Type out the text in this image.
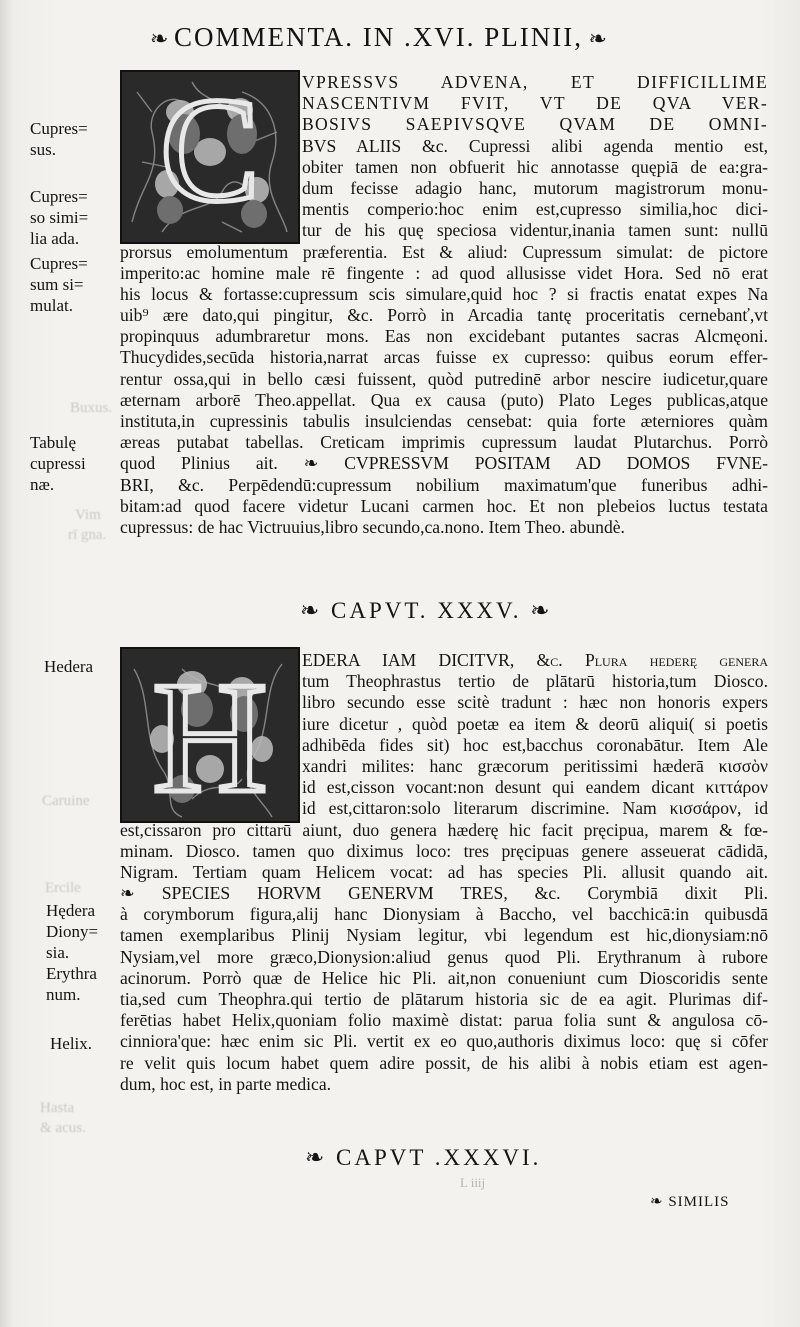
Buxus.
Vim
rī gna.
Caruine
Ercile
Hasta
& acus.
❧ COMMENTA. IN .XVI. PLINII, ❧
Cupres=
sus.
Cupres=
so simi=
lia ada.
Cupres=
sum si=
mulat.
Tabulę
cupressi
næ.
Hedera
Hędera
Diony=
sia.
Erythra
num.
Helix.
C	VPRESSVS ADVENA, ET DIFFICILLIME
NASCENTIVM FVIT, VT DE QVA VER-
BOSIVS SAEPIVSQVE QVAM DE OMNI-
BVS ALIIS &c. Cupressi alibi agenda mentio est,
obiter tamen non obfuerit hic annotasse quępiā de ea:gra-
dum fecisse adagio hanc, mutorum magistrorum monu-
mentis comperio:hoc enim est,cupresso similia,hoc dici-
tur de his quę speciosa videntur,inania tamen sunt: nullū
prorsus emolumentum præferentia. Est & aliud: Cupressum simulat: de pictore
imperito:ac homine male rē fingente : ad quod allusisse videt Hora. Sed nō erat
his locus & fortasse:cupressum scis simulare,quid hoc ? si fractis enatat expes Na
uib⁹ ære dato,qui pingitur, &c. Porrò in Arcadia tantę proceritatis cernebanť,vt
propinquus adumbraretur mons. Eas non excidebant putantes sacras Alcmęoni.
Thucydides,secūda historia,narrat arcas fuisse ex cupresso: quibus eorum effer-
rentur ossa,qui in bello cæsi fuissent, quòd putredinē arbor nescire iudicetur,quare
æternam arborē Theo.appellat. Qua ex causa (puto) Plato Leges publicas,atque
instituta,in cupressinis tabulis insulciendas censebat: quia forte æterniores quàm
æreas putabat tabellas. Creticam imprimis cupressum laudat Plutarchus. Porrò
quod Plinius ait. ❧ CVPRESSVM POSITAM AD DOMOS FVNE-
BRI, &c. Perpēdendū:cupressum nobilium maximatum'que funeribus adhi-
bitam:ad quod facere videtur Lucani carmen hoc. Et non plebeios luctus testata
cupressus: de hac Victruuius,libro secundo,ca.nono. Item Theo. abundè.
❧ CAPVT. XXXV. ❧
H	EDERA IAM DICITVR, &c. Plura hederę genera
tum Theophrastus tertio de plātarū historia,tum Diosco.
libro secundo esse scitè tradunt : hæc non honoris expers
iure dicetur , quòd poetæ ea item & deorū aliqui( si poetis
adhibēda fides sit) hoc est,bacchus coronabātur. Item Ale
xandri milites: hanc græcorum peritissimi hæderā κισσὸν
id est,cisson vocant:non desunt qui eandem dicant κιττάρον
id est,cittaron:solo literarum discrimine. Nam κισσάρον, id
est,cissaron pro cittarū aiunt, duo genera hæderę hic facit pręcipua, marem & fœ-
minam. Diosco. tamen quo diximus loco: tres pręcipuas genere asseuerat cādidā,
Nigram. Tertiam quam Helicem vocat: ad has species Pli. allusit quando ait.
❧ SPECIES HORVM GENERVM TRES, &c. Corymbiā dixit Pli.
à corymborum figura,alij hanc Dionysiam à Baccho, vel bacchicā:in quibusdā
tamen exemplaribus Plinij Nysiam legitur, vbi legendum est hic,dionysiam:nō
Nysiam,vel more græco,Dionysion:aliud genus quod Pli. Erythranum à rubore
acinorum. Porrò quæ de Helice hic Pli. ait,non conueniunt cum Dioscoridis sente
tia,sed cum Theophra.qui tertio de plātarum historia sic de ea agit. Plurimas dif-
ferētias habet Helix,quoniam folio maximè distat: parua folia sunt & angulosa cō-
cinniora'que: hæc enim sic Pli. vertit ex eo quo,authoris diximus loco: quę si cōfer
re velit quis locum habet quem adire possit, de his alibi à nobis etiam est agen-
dum, hoc est, in parte medica.
❧ CAPVT .XXXVI.
L iiij
❧ SIMILIS
